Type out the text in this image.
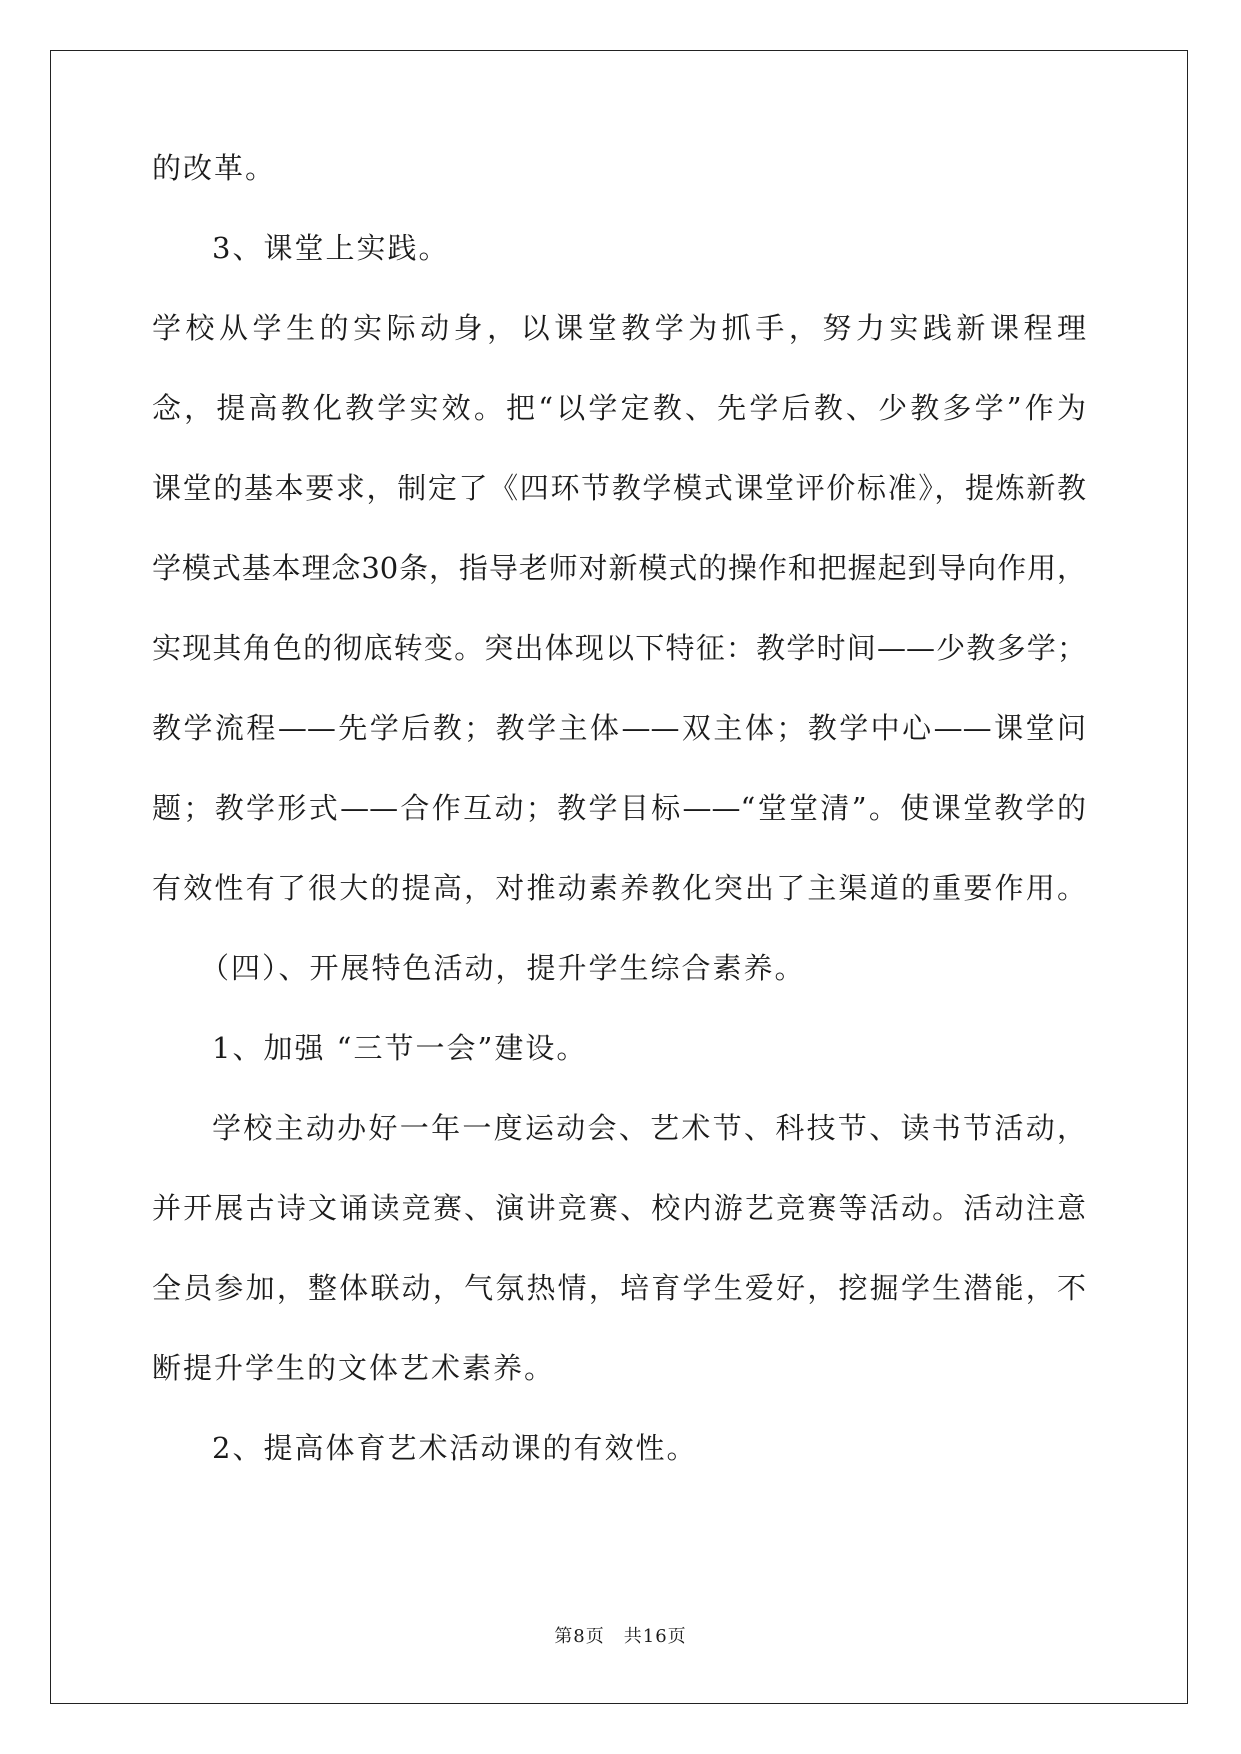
的改革。
3、课堂上实践。
学校从学生的实际动身，以课堂教学为抓手，努力实践新课程理
念，提高教化教学实效。把“以学定教、先学后教、少教多学”作为
课堂的基本要求，制定了《四环节教学模式课堂评价标准》，提炼新教
学模式基本理念30条，指导老师对新模式的操作和把握起到导向作用，
实现其角色的彻底转变。突出体现以下特征：教学时间——少教多学；
教学流程——先学后教；教学主体——双主体；教学中心——课堂问
题；教学形式——合作互动；教学目标——“堂堂清”。使课堂教学的
有效性有了很大的提高，对推动素养教化突出了主渠道的重要作用。
（四）、开展特色活动，提升学生综合素养。
1、加强 “三节一会”建设。
学校主动办好一年一度运动会、艺术节、科技节、读书节活动，
并开展古诗文诵读竞赛、演讲竞赛、校内游艺竞赛等活动。活动注意
全员参加，整体联动，气氛热情，培育学生爱好，挖掘学生潜能，不
断提升学生的文体艺术素养。
2、提高体育艺术活动课的有效性。
第8页　共16页
